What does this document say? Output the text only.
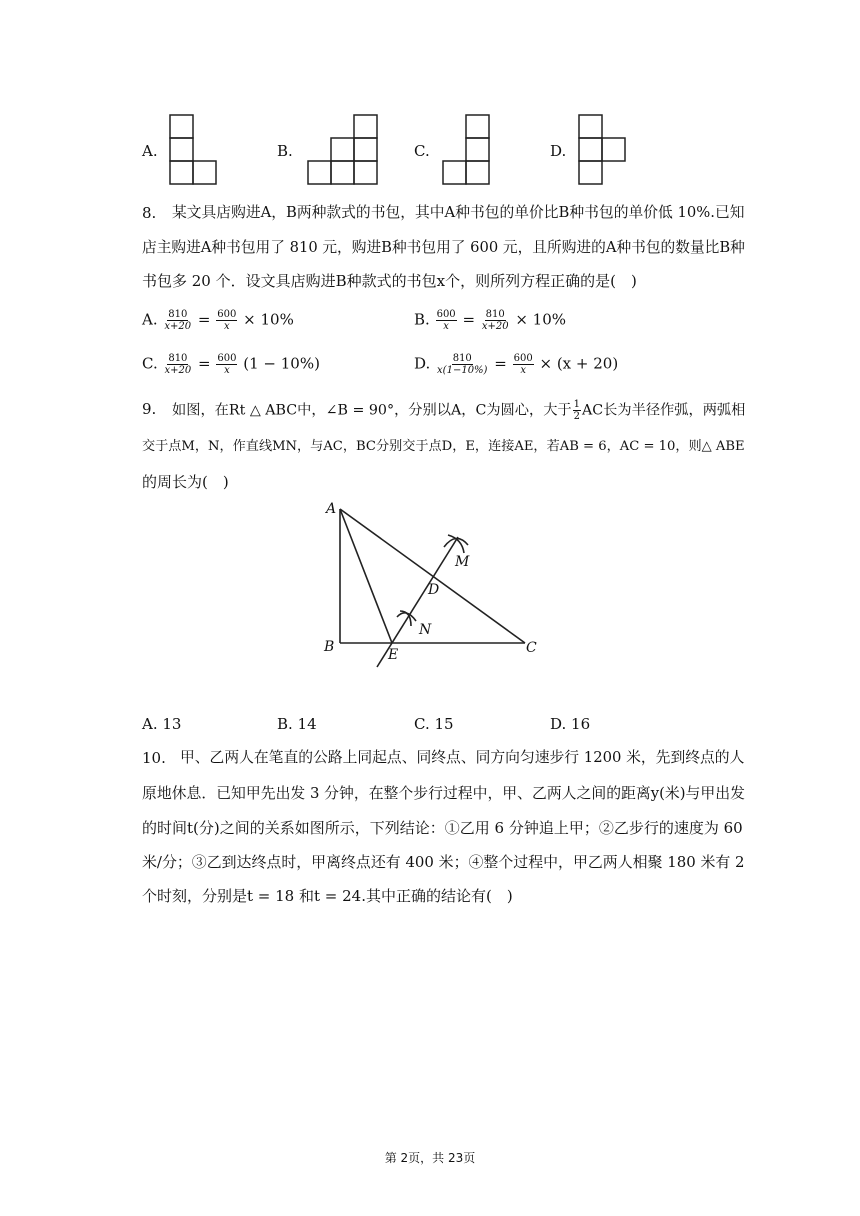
A.	B.	C.	D.
8. 某文具店购进A，B两种款式的书包，其中A种书包的单价比B种书包的单价低 10%.已知
店主购进A种书包用了 810 元，购进B种书包用了 600 元，且所购进的A种书包的数量比B种
书包多 20 个．设文具店购进B种款式的书包x个，则所列方程正确的是(　)
A. $\frac{810}{x+20} = \frac{600}{x} \times 10\%$	B. $\frac{600}{x} = \frac{810}{x+20} \times 10\%$
C. $\frac{810}{x+20} = \frac{600}{x} (1 - 10\%)$	D. $\frac{810}{x(1-10\%)} = \frac{600}{x} \times (x + 20)$
9. 如图，在Rt △ ABC中，∠B = 90°，分别以A，C为圆心，大于 $\frac{1}{2}$ AC长为半径作弧，两弧相
交于点M，N，作直线MN，与AC，BC分别交于点D，E，连接AE，若AB = 6，AC = 10，则△ ABE
的周长为(　)
A
B	C
D
E
M
N
A. 13	B. 14	C. 15	D. 16
10. 甲、乙两人在笔直的公路上同起点、同终点、同方向匀速步行 1200 米，先到终点的人
原地休息．已知甲先出发 3 分钟，在整个步行过程中，甲、乙两人之间的距离y(米)与甲出发
的时间t(分)之间的关系如图所示，下列结论：①乙用 6 分钟追上甲；②乙步行的速度为 60
米/分；③乙到达终点时，甲离终点还有 400 米；④整个过程中，甲乙两人相聚 180 米有 2
个时刻，分别是t = 18 和t = 24.其中正确的结论有(　)
第 2页，共 23页
